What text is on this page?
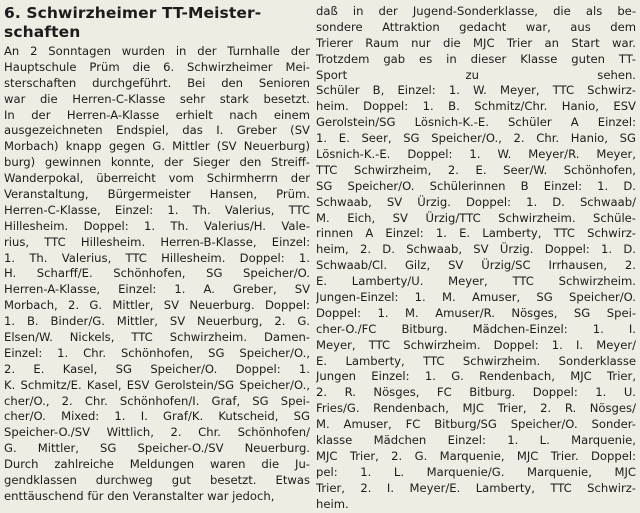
6. Schwirzheimer TT-Meister-
schaften
An 2 Sonntagen wurden in der Turnhalle der
Hauptschule Prüm die 6. Schwirzheimer Mei-
sterschaften durchgeführt. Bei den Senioren
war die Herren-C-Klasse sehr stark besetzt.
In der Herren-A-Klasse erhielt nach einem
ausgezeichneten Endspiel, das I. Greber (SV
Morbach) knapp gegen G. Mittler (SV Neuerburg)
burg) gewinnen konnte, der Sieger den Streiff-
Wanderpokal, überreicht vom Schirmherrn der
Veranstaltung, Bürgermeister Hansen, Prüm.
Herren-C-Klasse, Einzel: 1. Th. Valerius, TTC
Hillesheim. Doppel: 1. Th. Valerius/H. Vale-
rius, TTC Hillesheim. Herren-B-Klasse, Einzel:
1. Th. Valerius, TTC Hillesheim. Doppel: 1.
H. Scharff/E. Schönhofen, SG Speicher/O.
Herren-A-Klasse, Einzel: 1. A. Greber, SV
Morbach, 2. G. Mittler, SV Neuerburg. Doppel:
1. B. Binder/G. Mittler, SV Neuerburg, 2. G.
Elsen/W. Nickels, TTC Schwirzheim. Damen-
Einzel: 1. Chr. Schönhofen, SG Speicher/O.,
2. E. Kasel, SG Speicher/O. Doppel: 1.
K. Schmitz/E. Kasel, ESV Gerolstein/SG Speicher/O.,
cher/O., 2. Chr. Schönhofen/I. Graf, SG Spei-
cher/O. Mixed: 1. I. Graf/K. Kutscheid, SG
Speicher-O./SV Wittlich, 2. Chr. Schönhofen/
G. Mittler, SG Speicher-O./SV Neuerburg.
Durch zahlreiche Meldungen waren die Ju-
gendklassen durchweg gut besetzt. Etwas
enttäuschend für den Veranstalter war jedoch,
daß in der Jugend-Sonderklasse, die als be-
sondere Attraktion gedacht war, aus dem
Trierer Raum nur die MJC Trier an Start war.
Trotzdem gab es in dieser Klasse guten TT-
Sport zu sehen.
Schüler B, Einzel: 1. W. Meyer, TTC Schwirz-
heim. Doppel: 1. B. Schmitz/Chr. Hanio, ESV
Gerolstein/SG Lösnich-K.-E. Schüler A Einzel:
1. E. Seer, SG Speicher/O., 2. Chr. Hanio, SG
Lösnich-K.-E. Doppel: 1. W. Meyer/R. Meyer,
TTC Schwirzheim, 2. E. Seer/W. Schönhofen,
SG Speicher/O. Schülerinnen B Einzel: 1. D.
Schwaab, SV Ürzig. Doppel: 1. D. Schwaab/
M. Eich, SV Ürzig/TTC Schwirzheim. Schüle-
rinnen A Einzel: 1. E. Lamberty, TTC Schwirz-
heim, 2. D. Schwaab, SV Ürzig. Doppel: 1. D.
Schwaab/Cl. Gilz, SV Ürzig/SC Irrhausen, 2.
E. Lamberty/U. Meyer, TTC Schwirzheim.
Jungen-Einzel: 1. M. Amuser, SG Speicher/O.
Doppel: 1. M. Amuser/R. Nösges, SG Spei-
cher-O./FC Bitburg. Mädchen-Einzel: 1. I.
Meyer, TTC Schwirzheim. Doppel: 1. I. Meyer/
E. Lamberty, TTC Schwirzheim. Sonderklasse
Jungen Einzel: 1. G. Rendenbach, MJC Trier,
2. R. Nösges, FC Bitburg. Doppel: 1. U.
Fries/G. Rendenbach, MJC Trier, 2. R. Nösges/
M. Amuser, FC Bitburg/SG Speicher/O. Sonder-
klasse Mädchen Einzel: 1. L. Marquenie,
MJC Trier, 2. G. Marquenie, MJC Trier. Doppel:
pel: 1. L. Marquenie/G. Marquenie, MJC
Trier, 2. I. Meyer/E. Lamberty, TTC Schwirz-
heim.
